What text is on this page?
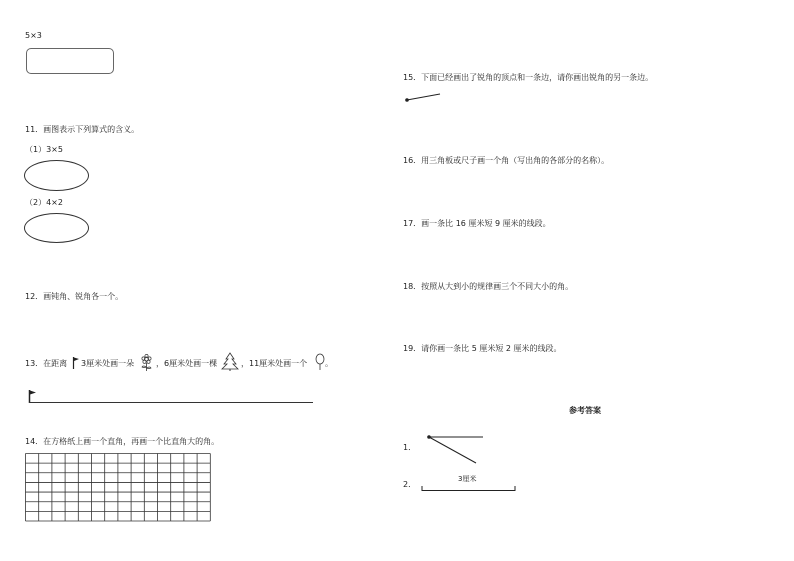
5×3
11．画图表示下列算式的含义。
（1）3×5
（2）4×2
12．画钝角、锐角各一个。
13．在距离 3厘米处画一朵	，6厘米处画一棵	，11厘米处画一个 。
14．在方格纸上画一个直角，再画一个比直角大的角。
15．下面已经画出了锐角的顶点和一条边，请你画出锐角的另一条边。
16．用三角板或尺子画一个角（写出角的各部分的名称）。
17．画一条比 16 厘米短 9 厘米的线段。
18．按照从大到小的规律画三个不同大小的角。
19．请你画一条比 5 厘米短 2 厘米的线段。
参考答案
1．
2．
3厘米
